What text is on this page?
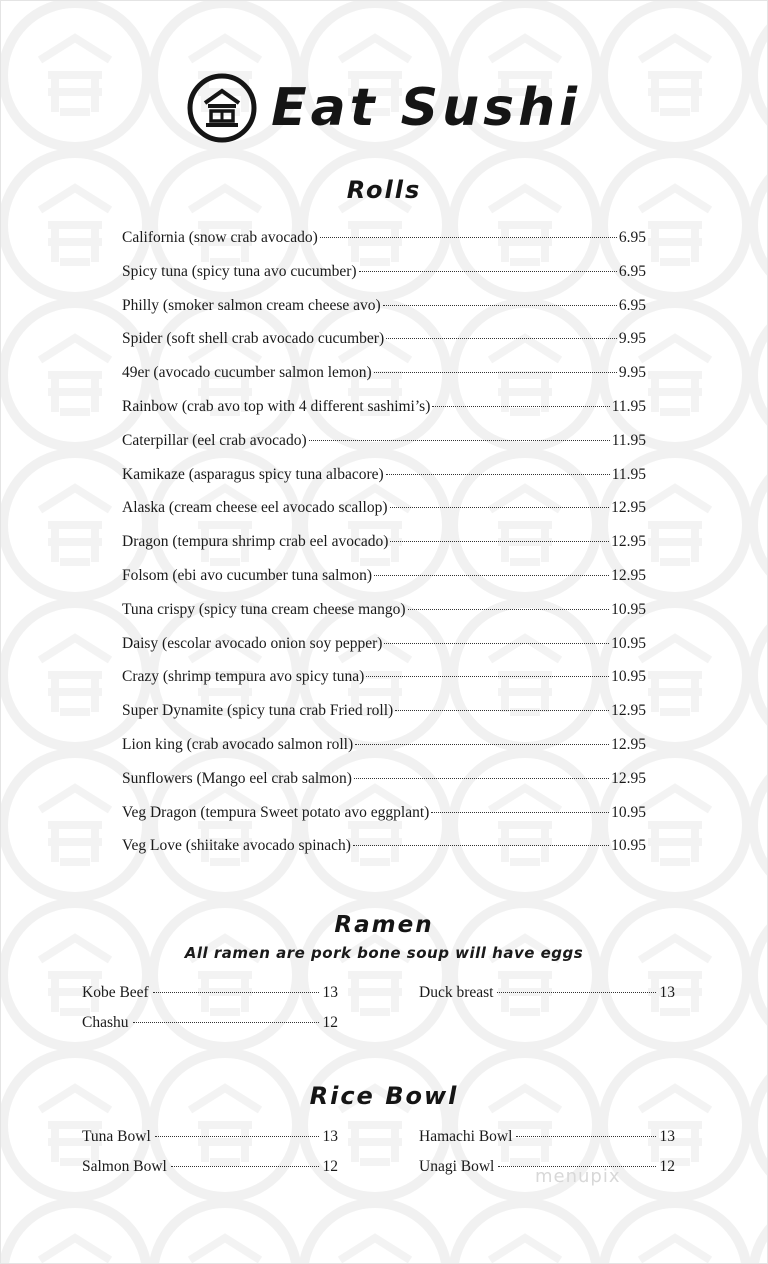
Eat Sushi
Rolls
California (snow crab avocado)	6.95
Spicy tuna (spicy tuna avo cucumber)	6.95
Philly (smoker salmon cream cheese avo)	6.95
Spider (soft shell crab avocado cucumber)	9.95
49er (avocado cucumber salmon lemon)	9.95
Rainbow (crab avo top with 4 different sashimi’s)	11.95
Caterpillar (eel crab avocado)	11.95
Kamikaze (asparagus spicy tuna albacore)	11.95
Alaska (cream cheese eel avocado scallop)	12.95
Dragon (tempura shrimp crab eel avocado)	12.95
Folsom (ebi avo cucumber tuna salmon)	12.95
Tuna crispy (spicy tuna cream cheese mango)	10.95
Daisy (escolar avocado onion soy pepper)	10.95
Crazy (shrimp tempura avo spicy tuna)	10.95
Super Dynamite (spicy tuna crab Fried roll)	12.95
Lion king (crab avocado salmon roll)	12.95
Sunflowers (Mango eel crab salmon)	12.95
Veg Dragon (tempura Sweet potato avo eggplant)	10.95
Veg Love (shiitake avocado spinach)	10.95
Ramen
All ramen are pork bone soup will have eggs
Kobe Beef	13
Chashu	12
Duck breast	13
Rice Bowl
Tuna Bowl	13
Salmon Bowl	12
Hamachi Bowl	13
Unagi Bowl	12
menupix
